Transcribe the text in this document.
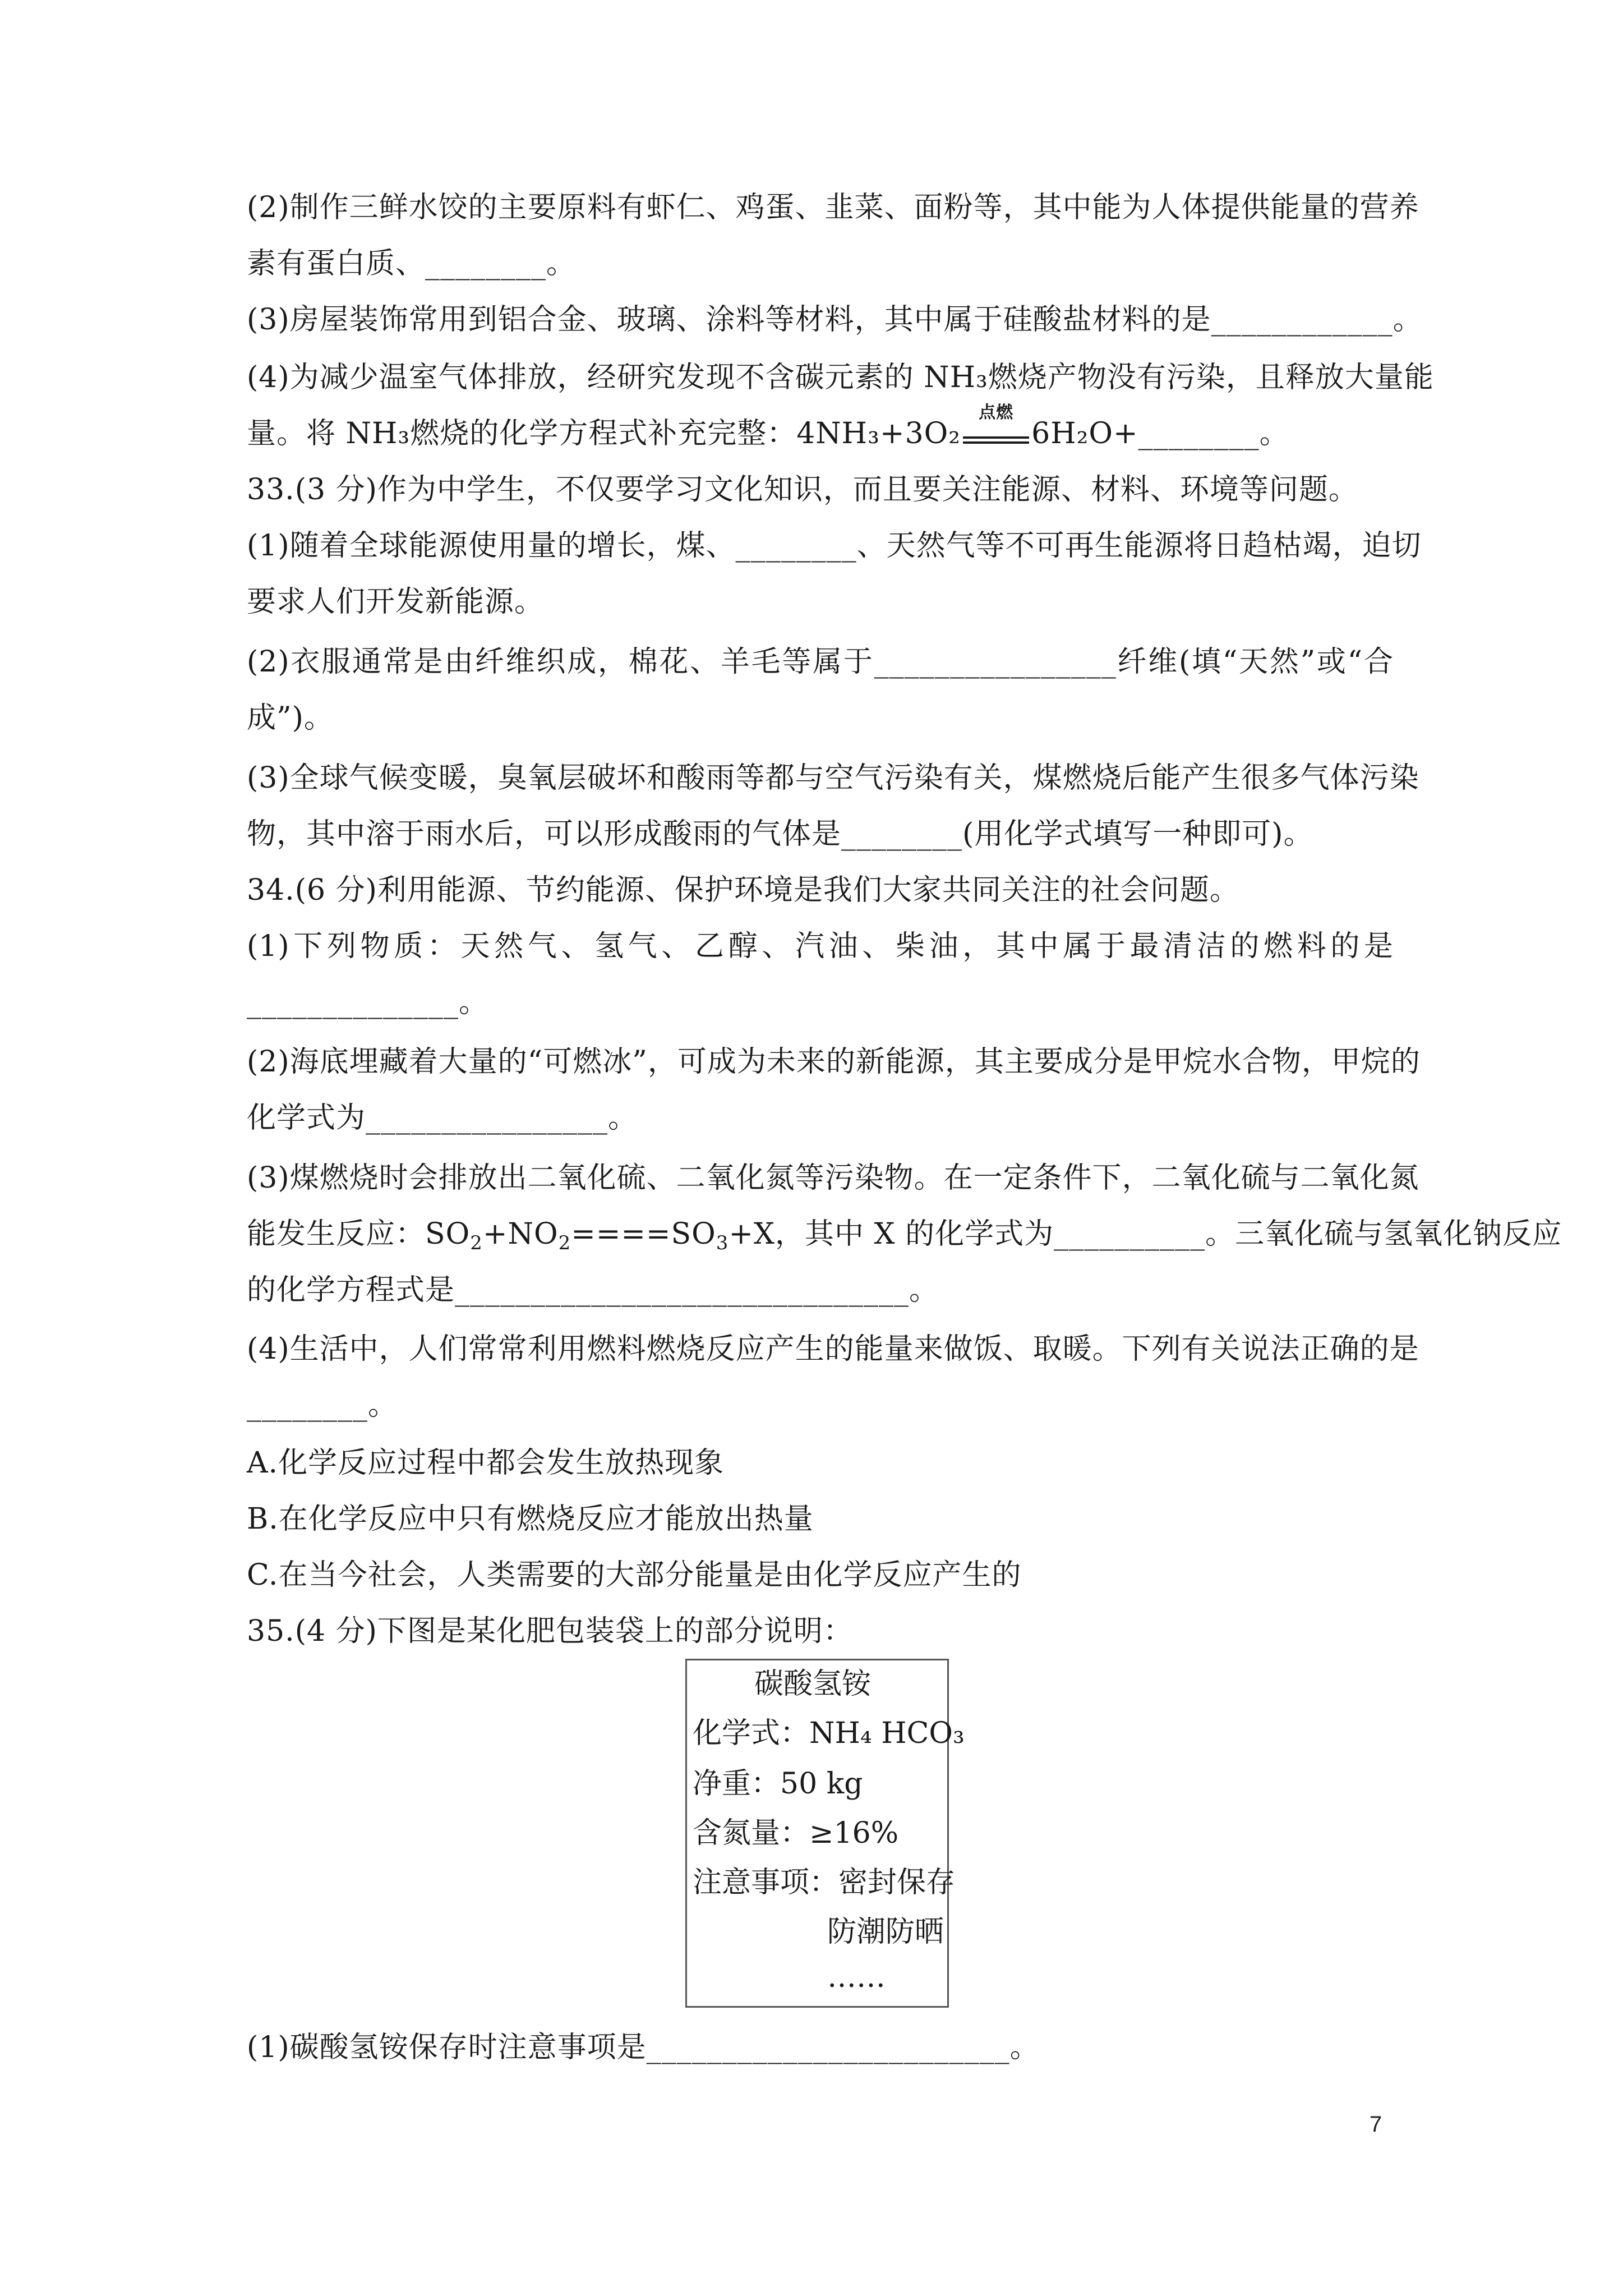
(2)制作三鲜水饺的主要原料有虾仁、鸡蛋、韭菜、面粉等，其中能为人体提供能量的营养
素有蛋白质、________。
(3)房屋装饰常用到铝合金、玻璃、涂料等材料，其中属于硅酸盐材料的是____________。
(4)为减少温室气体排放，经研究发现不含碳元素的 NH₃燃烧产物没有污染，且释放大量能
量。将 NH₃燃烧的化学方程式补充完整：4NH₃+3O₂
点燃
6H₂O+________。
33.(3 分)作为中学生，不仅要学习文化知识，而且要关注能源、材料、环境等问题。
(1)随着全球能源使用量的增长，煤、________、天然气等不可再生能源将日趋枯竭，迫切
要求人们开发新能源。
(2)衣服通常是由纤维织成，棉花、羊毛等属于________________纤维(填“天然”或“合
成”)。
(3)全球气候变暖，臭氧层破坏和酸雨等都与空气污染有关，煤燃烧后能产生很多气体污染
物，其中溶于雨水后，可以形成酸雨的气体是________(用化学式填写一种即可)。
34.(6 分)利用能源、节约能源、保护环境是我们大家共同关注的社会问题。
(1)下列物质：天然气、氢气、乙醇、汽油、柴油，其中属于最清洁的燃料的是
______________。
(2)海底埋藏着大量的“可燃冰”，可成为未来的新能源，其主要成分是甲烷水合物，甲烷的
化学式为________________。
(3)煤燃烧时会排放出二氧化硫、二氧化氮等污染物。在一定条件下，二氧化硫与二氧化氮
能发生反应：$SO_2+NO_2====SO_3+X$，其中 X 的化学式为__________。三氧化硫与氢氧化钠反应
的化学方程式是______________________________。
(4)生活中，人们常常利用燃料燃烧反应产生的能量来做饭、取暖。下列有关说法正确的是
________。
A.化学反应过程中都会发生放热现象
B.在化学反应中只有燃烧反应才能放出热量
C.在当今社会，人类需要的大部分能量是由化学反应产生的
35.(4 分)下图是某化肥包装袋上的部分说明：
碳酸氢铵
化学式：NH₄ HCO₃
净重：50 kg
含氮量：≥16%
注意事项：密封保存
防潮防晒
……
(1)碳酸氢铵保存时注意事项是________________________。
7
